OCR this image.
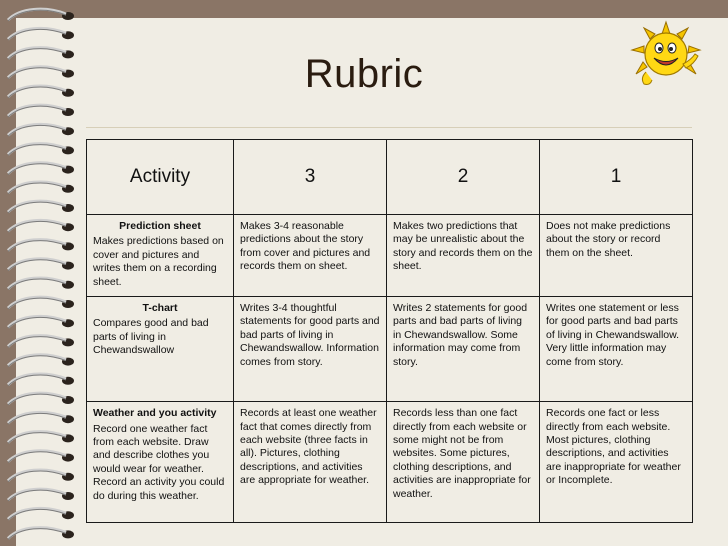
Rubric
Activity	3	2	1

Prediction sheet
Makes predictions based on cover and pictures and writes them on a recording sheet.	Makes 3-4 reasonable predictions about the story from cover and pictures and records them on sheet.	Makes two predictions that may be unrealistic about the story and records them on the sheet.	Does not make predictions about the story or record them on the sheet.

T-chart
Compares good and bad parts of living in Chewandswallow	Writes 3-4 thoughtful statements for good parts and bad parts of living in Chewandswallow. Information comes from story.	Writes 2 statements for good parts and bad parts of living in Chewandswallow. Some information may come from story.	Writes one statement or less for good parts and bad parts of living in Chewandswallow. Very little information may come from story.

Weather and you activity
Record one weather fact from each website. Draw and describe clothes you would wear for weather. Record an activity you could do during this weather.	Records at least one weather fact that comes directly from each website (three facts in all). Pictures, clothing descriptions, and activities are appropriate for weather.	Records less than one fact directly from each website or some might not be from websites. Some pictures, clothing descriptions, and activities are inappropriate for weather.	Records one fact or less directly from each website. Most pictures, clothing descriptions, and activities are inappropriate for weather or Incomplete.
